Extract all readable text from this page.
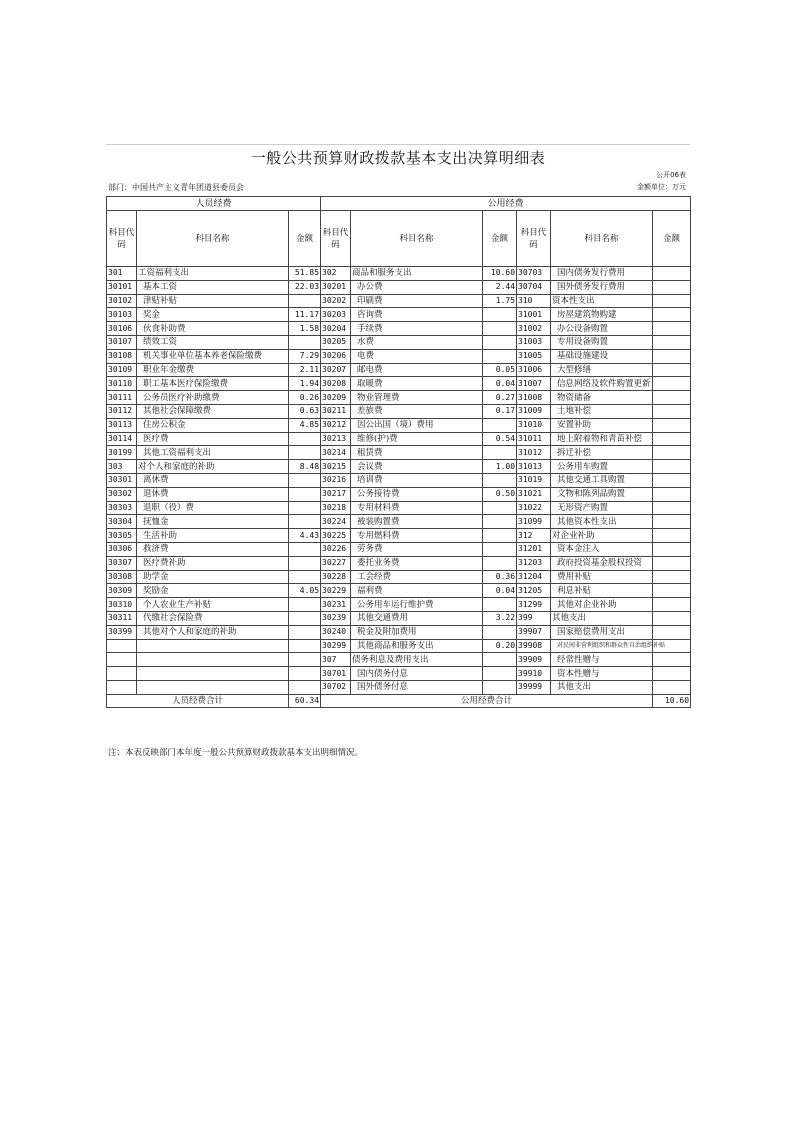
一般公共预算财政拨款基本支出决算明细表
公开06表
部门：中国共产主义青年团道县委员会	金额单位：万元
人员经费			公用经费					
科目代码	科目名称	金额	科目代码	科目名称	金额	科目代码	科目名称	金额
301	工资福利支出	51.85	302	商品和服务支出	10.60	30703	国内债务发行费用	
30101	基本工资	22.03	30201	办公费	2.44	30704	国外债务发行费用	
30102	津贴补贴		30202	印刷费	1.75	310	资本性支出	
30103	奖金	11.17	30203	咨询费		31001	房屋建筑物购建	
30106	伙食补助费	1.58	30204	手续费		31002	办公设备购置	
30107	绩效工资		30205	水费		31003	专用设备购置	
30108	机关事业单位基本养老保险缴费	7.29	30206	电费		31005	基础设施建设	
30109	职业年金缴费	2.11	30207	邮电费	0.05	31006	大型修缮	
30110	职工基本医疗保险缴费	1.94	30208	取暖费	0.04	31007	信息网络及软件购置更新	
30111	公务员医疗补助缴费	0.26	30209	物业管理费	0.27	31008	物资储备	
30112	其他社会保障缴费	0.63	30211	差旅费	0.17	31009	土地补偿	
30113	住房公积金	4.85	30212	因公出国（境）费用		31010	安置补助	
30114	医疗费		30213	维修(护)费	0.54	31011	地上附着物和青苗补偿	
30199	其他工资福利支出		30214	租赁费		31012	拆迁补偿	
303	对个人和家庭的补助	8.48	30215	会议费	1.00	31013	公务用车购置	
30301	离休费		30216	培训费		31019	其他交通工具购置	
30302	退休费		30217	公务接待费	0.50	31021	文物和陈列品购置	
30303	退职（役）费		30218	专用材料费		31022	无形资产购置	
30304	抚恤金		30224	被装购置费		31099	其他资本性支出	
30305	生活补助	4.43	30225	专用燃料费		312	对企业补助	
30306	救济费		30226	劳务费		31201	资本金注入	
30307	医疗费补助		30227	委托业务费		31203	政府投资基金股权投资	
30308	助学金		30228	工会经费	0.36	31204	费用补贴	
30309	奖励金	4.05	30229	福利费	0.04	31205	利息补贴	
30310	个人农业生产补贴		30231	公务用车运行维护费		31299	其他对企业补助	
30311	代缴社会保险费		30239	其他交通费用	3.22	399	其他支出	
30399	其他对个人和家庭的补助		30240	税金及附加费用		39907	国家赔偿费用支出	
			30299	其他商品和服务支出	0.20	39908	对民间非营利组织和群众性自治组织补贴	
			307	债务利息及费用支出		39909	经常性赠与	
			30701	国内债务付息		39910	资本性赠与	
			30702	国外债务付息		39999	其他支出	
人员经费合计		60.34	公用经费合计					10.60
注：本表反映部门本年度一般公共预算财政拨款基本支出明细情况。
